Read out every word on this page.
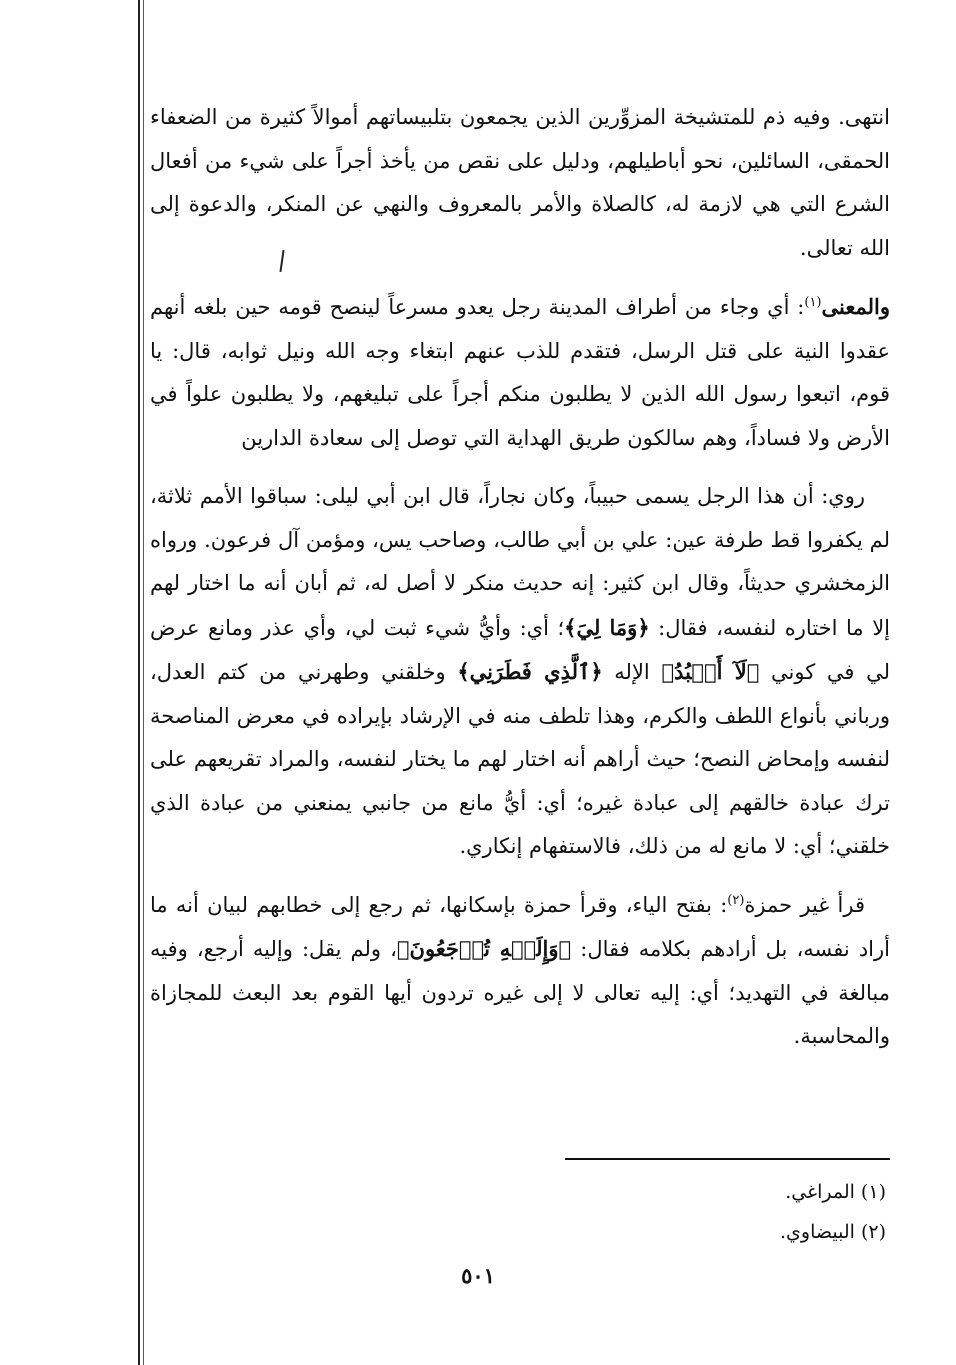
انتهى. وفيه ذم للمتشيخة المزوِّرين الذين يجمعون بتلبيساتهم أموالاً كثيرة من الضعفاء الحمقى، السائلين، نحو أباطيلهم، ودليل على نقص من يأخذ أجراً على شيء من أفعال الشرع التي هي لازمة له، كالصلاة والأمر بالمعروف والنهي عن المنكر، والدعوة إلى الله تعالى.

والمعنى$^{(١)}$: أي وجاء من أطراف المدينة رجل يعدو مسرعاً لينصح قومه حين بلغه أنهم عقدوا النية على قتل الرسل، فتقدم للذب عنهم ابتغاء وجه الله ونيل ثوابه، قال: يا قوم، اتبعوا رسول الله الذين لا يطلبون منكم أجراً على تبليغهم، ولا يطلبون علواً في الأرض ولا فساداً، وهم سالكون طريق الهداية التي توصل إلى سعادة الدارين

روي: أن هذا الرجل يسمى حبيباً، وكان نجاراً، قال ابن أبي ليلى: سباقوا الأمم ثلاثة، لم يكفروا قط طرفة عين: علي بن أبي طالب، وصاحب يس، ومؤمن آل فرعون. ورواه الزمخشري حديثاً، وقال ابن كثير: إنه حديث منكر لا أصل له، ثم أبان أنه ما اختار لهم إلا ما اختاره لنفسه، فقال: ﴿وَمَا لِيَ﴾؛ أي: وأيُّ شيء ثبت لي، وأي عذر ومانع عرض لي في كوني ﴿لَآ أَعۡبُدُ﴾ الإله ﴿ٱلَّذِي فَطَرَنِي﴾ وخلقني وطهرني من كتم العدل، ورباني بأنواع اللطف والكرم، وهذا تلطف منه في الإرشاد بإيراده في معرض المناصحة لنفسه وإمحاض النصح؛ حيث أراهم أنه اختار لهم ما يختار لنفسه، والمراد تقريعهم على ترك عبادة خالقهم إلى عبادة غيره؛ أي: أيُّ مانع من جانبي يمنعني من عبادة الذي خلقني؛ أي: لا مانع له من ذلك، فالاستفهام إنكاري.

قرأ غير حمزة$^{(٢)}$: بفتح الياء، وقرأ حمزة بإسكانها، ثم رجع إلى خطابهم لبيان أنه ما أراد نفسه، بل أرادهم بكلامه فقال: ﴿وَإِلَيۡهِ تُرۡجَعُونَ﴾، ولم يقل: وإليه أرجع، وفيه مبالغة في التهديد؛ أي: إليه تعالى لا إلى غيره تردون أيها القوم بعد البعث للمجازاة والمحاسبة.

(١) المراغي.

(٢) البيضاوي.

٥٠١
